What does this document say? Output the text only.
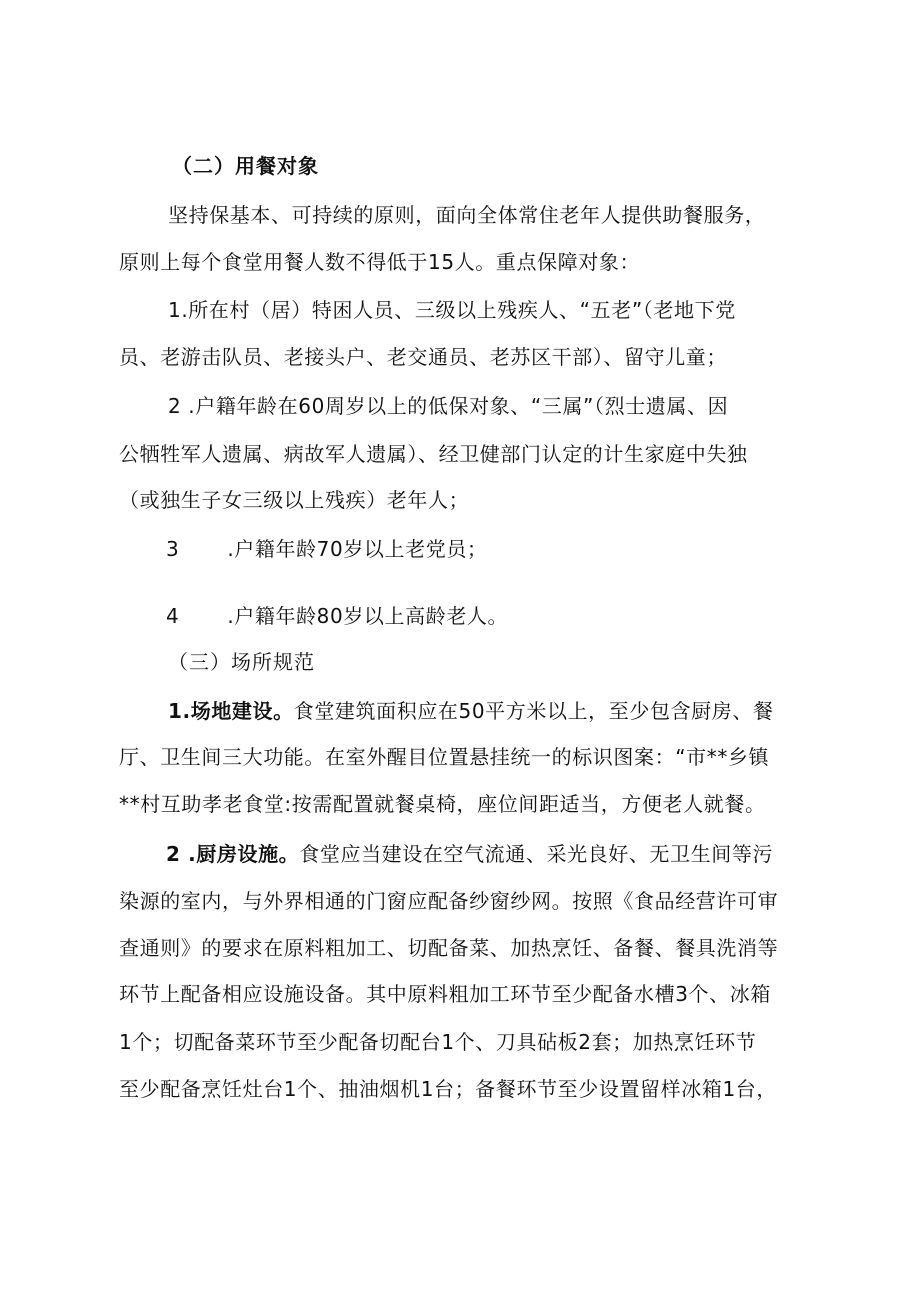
（二）用餐对象
坚持保基本、可持续的原则，面向全体常住老年人提供助餐服务，
原则上每个食堂用餐人数不得低于15人。重点保障对象：
1.所在村（居）特困人员、三级以上残疾人、“五老”（老地下党
员、老游击队员、老接头户、老交通员、老苏区干部）、留守儿童；
2 .户籍年龄在60周岁以上的低保对象、“三属”（烈士遗属、因
公牺牲军人遗属、病故军人遗属）、经卫健部门认定的计生家庭中失独
（或独生子女三级以上残疾）老年人；
3 .户籍年龄70岁以上老党员；
4 .户籍年龄80岁以上高龄老人。
（三）场所规范
1.场地建设。食堂建筑面积应在50平方米以上，至少包含厨房、餐
厅、卫生间三大功能。在室外醒目位置悬挂统一的标识图案：“市**乡镇
**村互助孝老食堂:按需配置就餐桌椅，座位间距适当，方便老人就餐。
2 .厨房设施。食堂应当建设在空气流通、采光良好、无卫生间等污
染源的室内，与外界相通的门窗应配备纱窗纱网。按照《食品经营许可审
查通则》的要求在原料粗加工、切配备菜、加热烹饪、备餐、餐具洗消等
环节上配备相应设施设备。其中原料粗加工环节至少配备水槽3个、冰箱
1个；切配备菜环节至少配备切配台1个、刀具砧板2套；加热烹饪环节
至少配备烹饪灶台1个、抽油烟机1台；备餐环节至少设置留样冰箱1台，
